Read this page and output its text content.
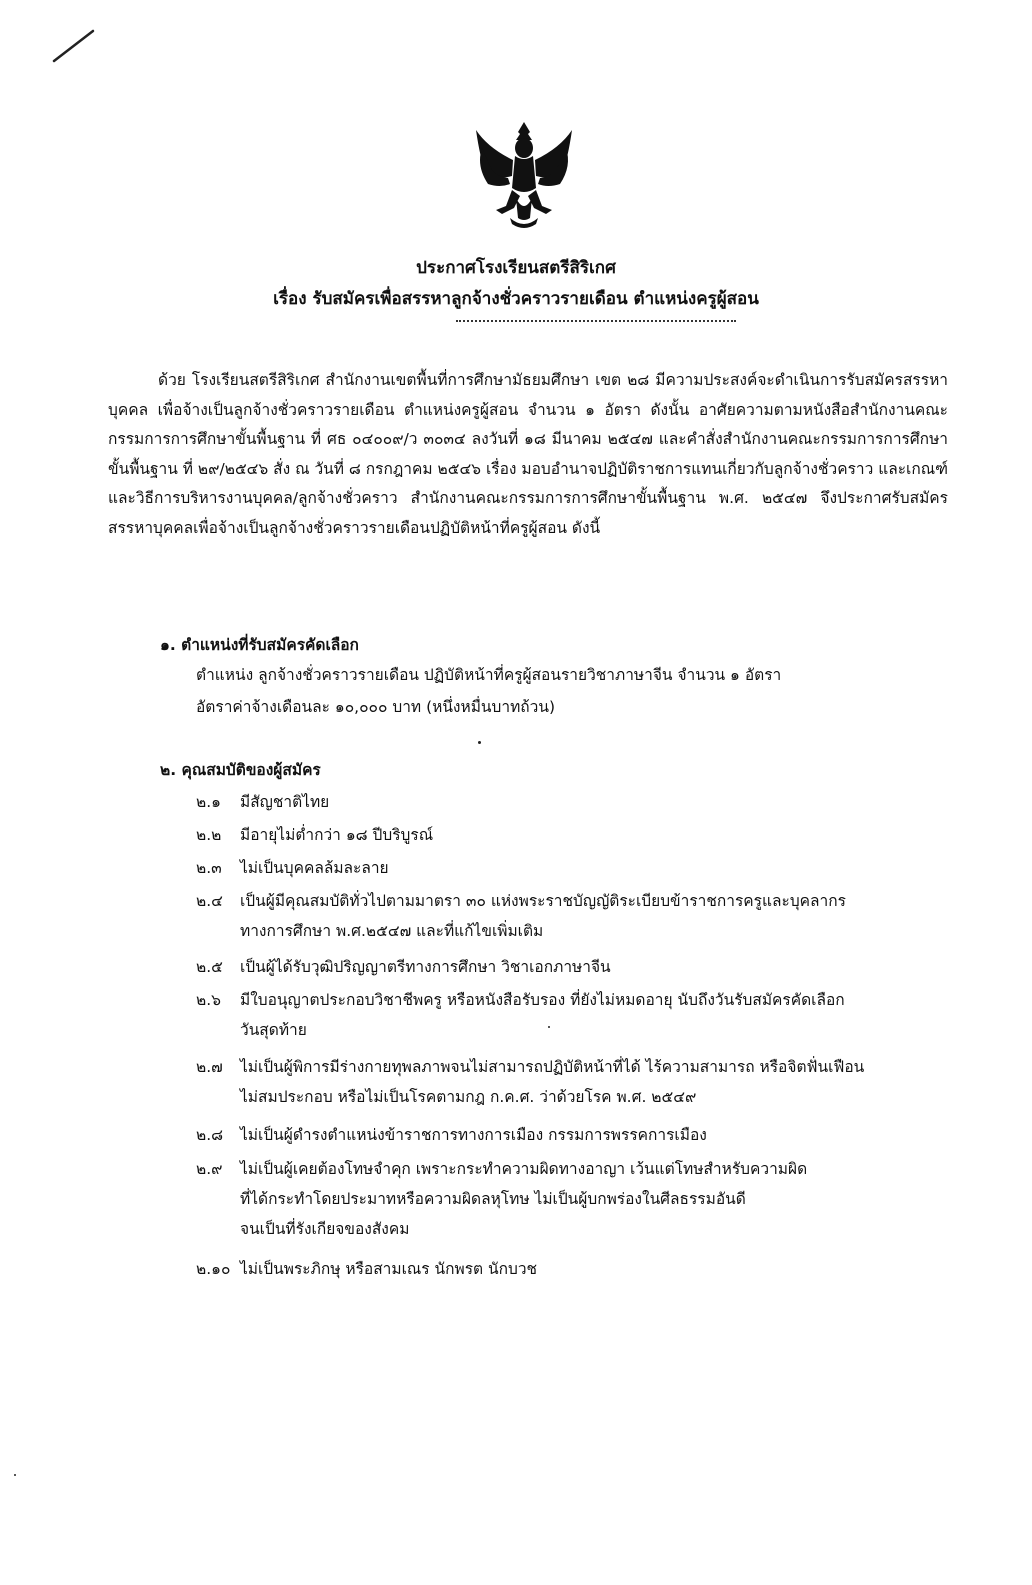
ประกาศโรงเรียนสตรีสิริเกศ
เรื่อง รับสมัครเพื่อสรรหาลูกจ้างชั่วคราวรายเดือน ตำแหน่งครูผู้สอน
ด้วย โรงเรียนสตรีสิริเกศ สำนักงานเขตพื้นที่การศึกษามัธยมศึกษา เขต ๒๘ มีความประสงค์จะดำเนินการรับสมัครสรรหาบุคคล เพื่อจ้างเป็นลูกจ้างชั่วคราวรายเดือน ตำแหน่งครูผู้สอน จำนวน ๑ อัตรา ดังนั้น อาศัยความตามหนังสือสำนักงานคณะกรรมการการศึกษาขั้นพื้นฐาน ที่ ศธ ๐๔๐๐๙/ว ๓๐๓๔ ลงวันที่ ๑๘ มีนาคม ๒๕๔๗ และคำสั่งสำนักงานคณะกรรมการการศึกษาขั้นพื้นฐาน ที่ ๒๙/๒๕๔๖ สั่ง ณ วันที่ ๘ กรกฎาคม ๒๕๔๖ เรื่อง มอบอำนาจปฏิบัติราชการแทนเกี่ยวกับลูกจ้างชั่วคราว และเกณฑ์และวิธีการบริหารงานบุคคล/ลูกจ้างชั่วคราว สำนักงานคณะกรรมการการศึกษาขั้นพื้นฐาน พ.ศ. ๒๕๔๗ จึงประกาศรับสมัครสรรหาบุคคลเพื่อจ้างเป็นลูกจ้างชั่วคราวรายเดือนปฏิบัติหน้าที่ครูผู้สอน ดังนี้
๑. ตำแหน่งที่รับสมัครคัดเลือก
ตำแหน่ง ลูกจ้างชั่วคราวรายเดือน ปฏิบัติหน้าที่ครูผู้สอนรายวิชาภาษาจีน จำนวน ๑ อัตรา
อัตราค่าจ้างเดือนละ ๑๐,๐๐๐ บาท (หนึ่งหมื่นบาทถ้วน)
๒. คุณสมบัติของผู้สมัคร
๒.๑ มีสัญชาติไทย
๒.๒ มีอายุไม่ต่ำกว่า ๑๘ ปีบริบูรณ์
๒.๓ ไม่เป็นบุคคลล้มละลาย
๒.๔ เป็นผู้มีคุณสมบัติทั่วไปตามมาตรา ๓๐ แห่งพระราชบัญญัติระเบียบข้าราชการครูและบุคลากร
ทางการศึกษา พ.ศ.๒๕๔๗ และที่แก้ไขเพิ่มเติม
๒.๕ เป็นผู้ได้รับวุฒิปริญญาตรีทางการศึกษา วิชาเอกภาษาจีน
๒.๖ มีใบอนุญาตประกอบวิชาชีพครู หรือหนังสือรับรอง ที่ยังไม่หมดอายุ นับถึงวันรับสมัครคัดเลือก
วันสุดท้าย
๒.๗ ไม่เป็นผู้พิการมีร่างกายทุพลภาพจนไม่สามารถปฏิบัติหน้าที่ได้ ไร้ความสามารถ หรือจิตฟั่นเฟือน
ไม่สมประกอบ หรือไม่เป็นโรคตามกฎ ก.ค.ศ. ว่าด้วยโรค พ.ศ. ๒๕๔๙
๒.๘ ไม่เป็นผู้ดำรงตำแหน่งข้าราชการทางการเมือง กรรมการพรรคการเมือง
๒.๙ ไม่เป็นผู้เคยต้องโทษจำคุก เพราะกระทำความผิดทางอาญา เว้นแต่โทษสำหรับความผิด
ที่ได้กระทำโดยประมาทหรือความผิดลหุโทษ ไม่เป็นผู้บกพร่องในศีลธรรมอันดี
จนเป็นที่รังเกียจของสังคม
๒.๑๐ ไม่เป็นพระภิกษุ หรือสามเณร นักพรต นักบวช
